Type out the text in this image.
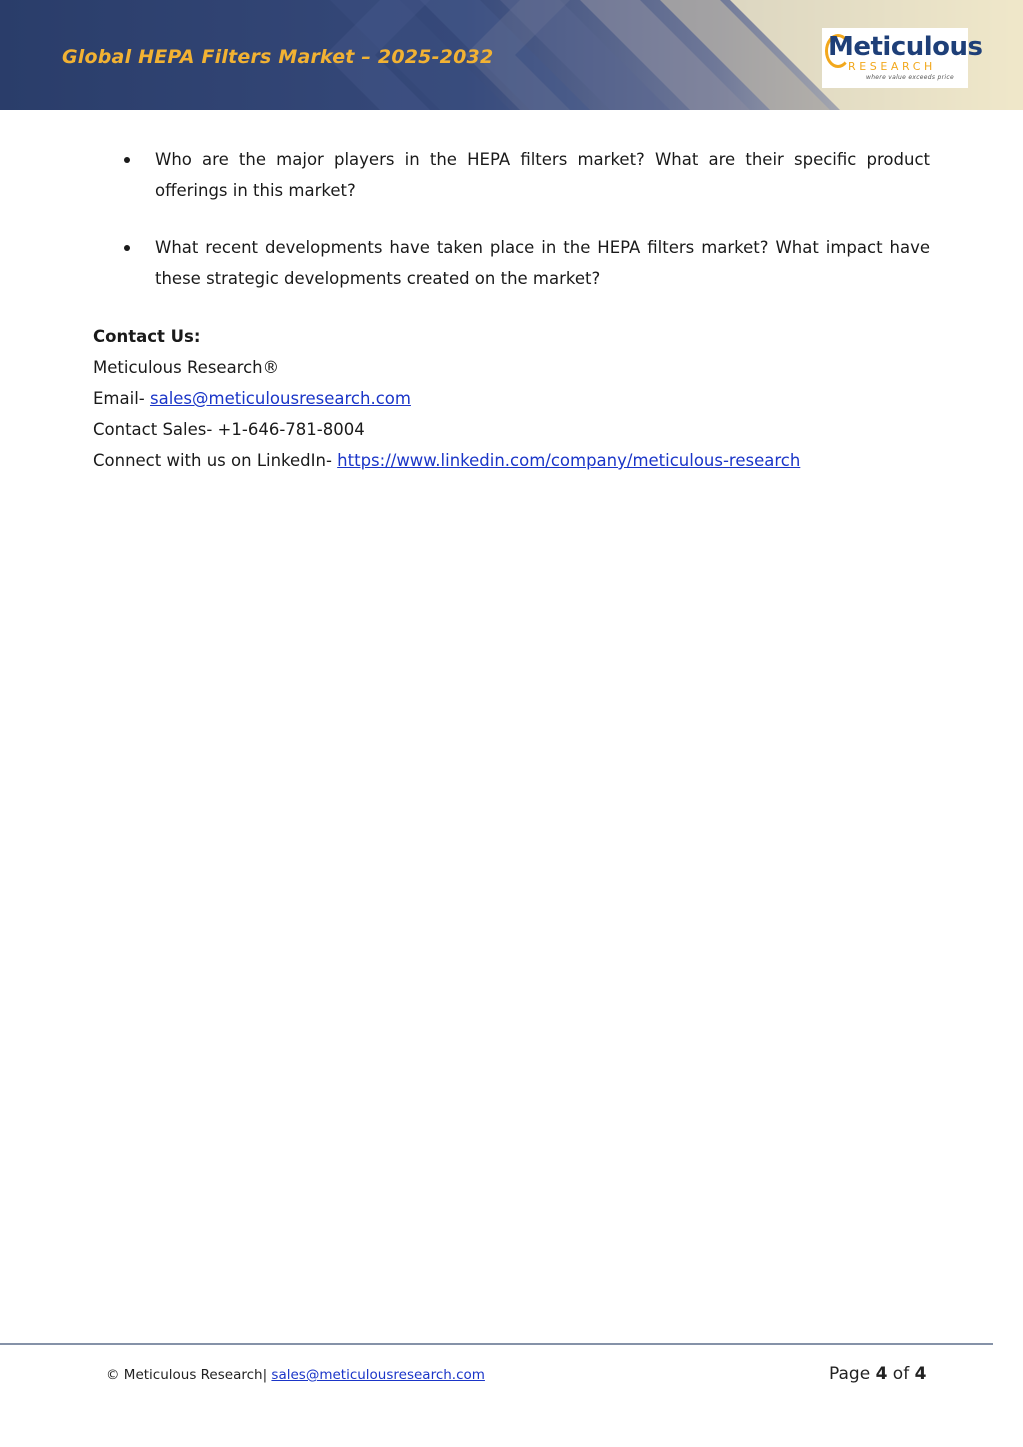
Global HEPA Filters Market – 2025-2032	Meticulous
RESEARCH
where value exceeds price
Who are the major players in the HEPA filters market? What are their specific product offerings in this market?
What recent developments have taken place in the HEPA filters market? What impact have these strategic developments created on the market?
Contact Us:
Meticulous Research®
Email- sales@meticulousresearch.com
Contact Sales- +1-646-781-8004
Connect with us on LinkedIn- https://www.linkedin.com/company/meticulous-research
© Meticulous Research| sales@meticulousresearch.com	Page 4 of 4
